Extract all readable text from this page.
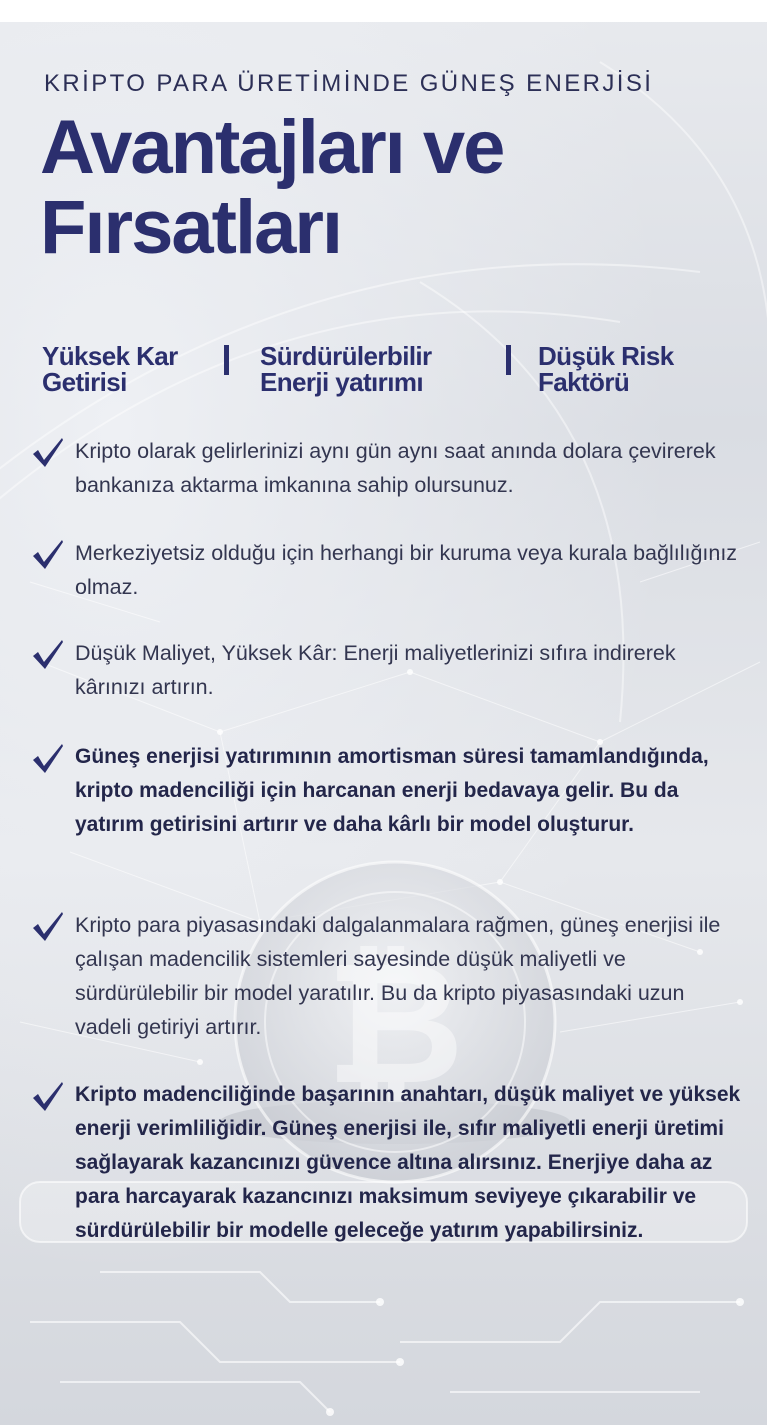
₿
KRİPTO PARA ÜRETİMİNDE GÜNEŞ ENERJİSİ
Avantajları ve
Fırsatları
Yüksek Kar
Getirisi
Sürdürülerbilir
Enerji yatırımı
Düşük Risk
Faktörü

Kripto olarak gelirlerinizi aynı gün aynı saat anında dolara çevirerek bankanıza aktarma imkanına sahip olursunuz.

Merkeziyetsiz olduğu için herhangi bir kuruma veya kurala bağlılığınız olmaz.

Düşük Maliyet, Yüksek Kâr: Enerji maliyetlerinizi sıfıra indirerek kârınızı artırın.

Güneş enerjisi yatırımının amortisman süresi tamamlandığında, kripto madenciliği için harcanan enerji bedavaya gelir. Bu da yatırım getirisini artırır ve daha kârlı bir model oluşturur.

Kripto para piyasasındaki dalgalanmalara rağmen, güneş enerjisi ile çalışan madencilik sistemleri sayesinde düşük maliyetli ve sürdürülebilir bir model yaratılır. Bu da kripto piyasasındaki uzun vadeli getiriyi artırır.

Kripto madenciliğinde başarının anahtarı, düşük maliyet ve yüksek enerji verimliliğidir. Güneş enerjisi ile, sıfır maliyetli enerji üretimi sağlayarak kazancınızı güvence altına alırsınız. Enerjiye daha az para harcayarak kazancınızı maksimum seviyeye çıkarabilir ve sürdürülebilir bir modelle geleceğe yatırım yapabilirsiniz.
